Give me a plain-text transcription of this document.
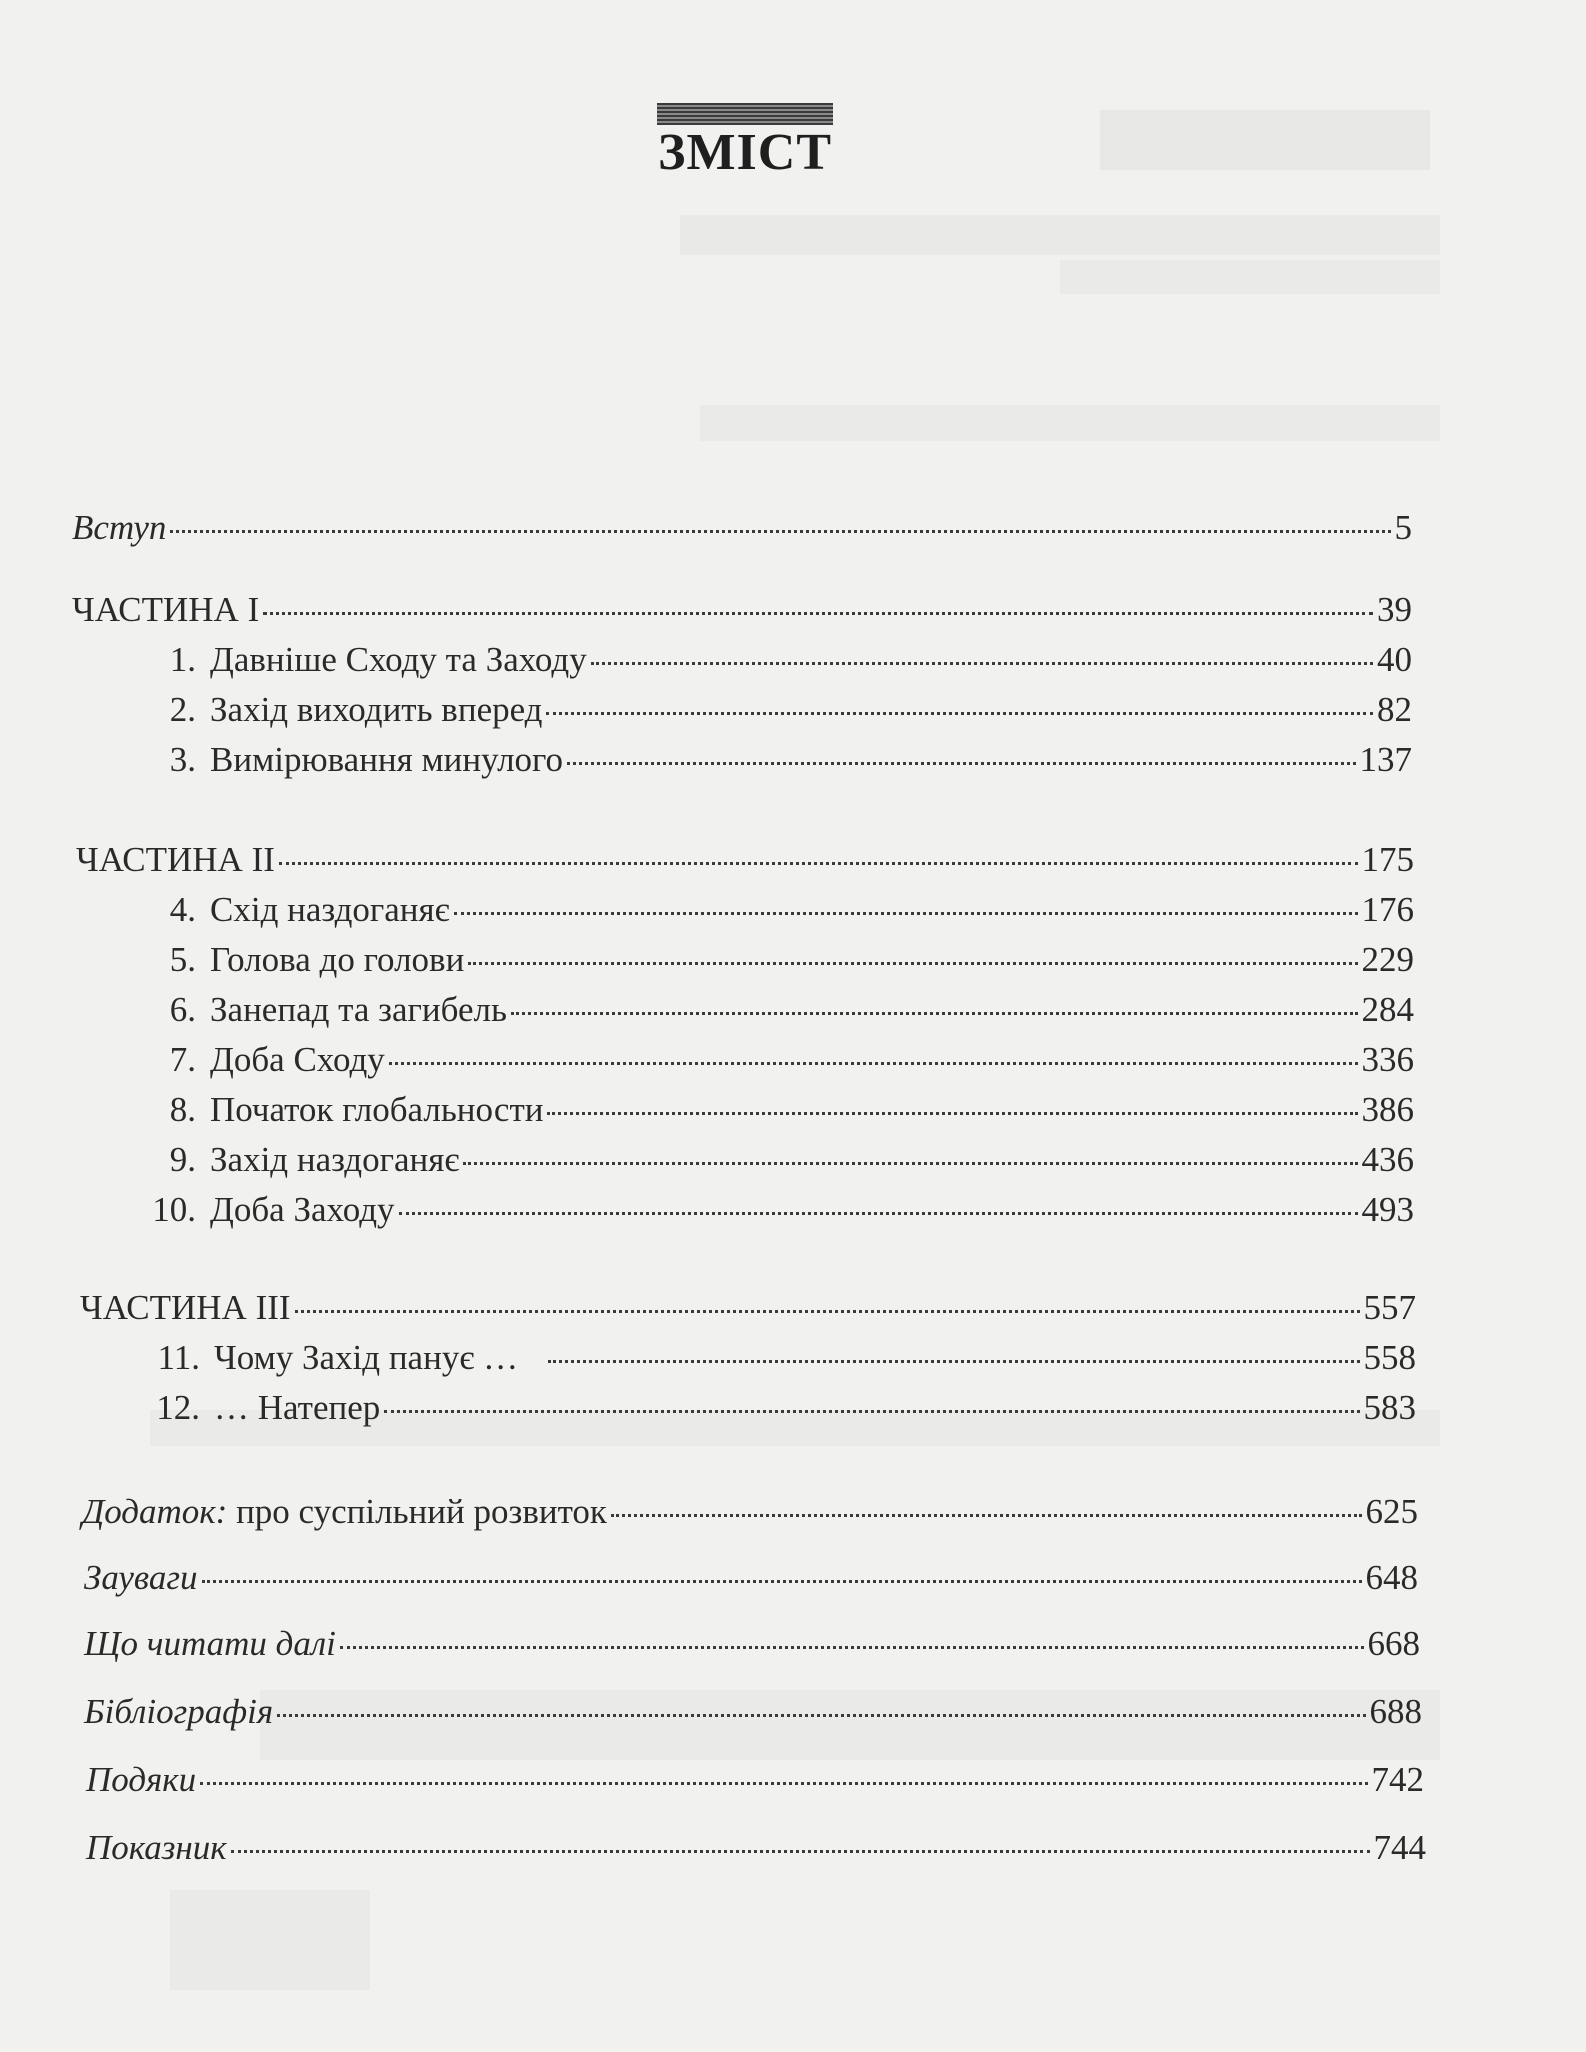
ЗМІСТ
Вступ	5
ЧАСТИНА І	39
1. Давніше Сходу та Заходу	40
2. Захід виходить вперед	82
3. Вимірювання минулого	137
ЧАСТИНА ІІ	175
4. Схід наздоганяє	176
5. Голова до голови	229
6. Занепад та загибель	284
7. Доба Сходу	336
8. Початок глобальности	386
9. Захід наздоганяє	436
10. Доба Заходу	493
ЧАСТИНА ІІІ	557
11. Чому Захід панує …	558
12. … Натепер	583
Додаток: про суспільний розвиток	625
Зауваги	648
Що читати далі	668
Бібліографія	688
Подяки	742
Показник	744
